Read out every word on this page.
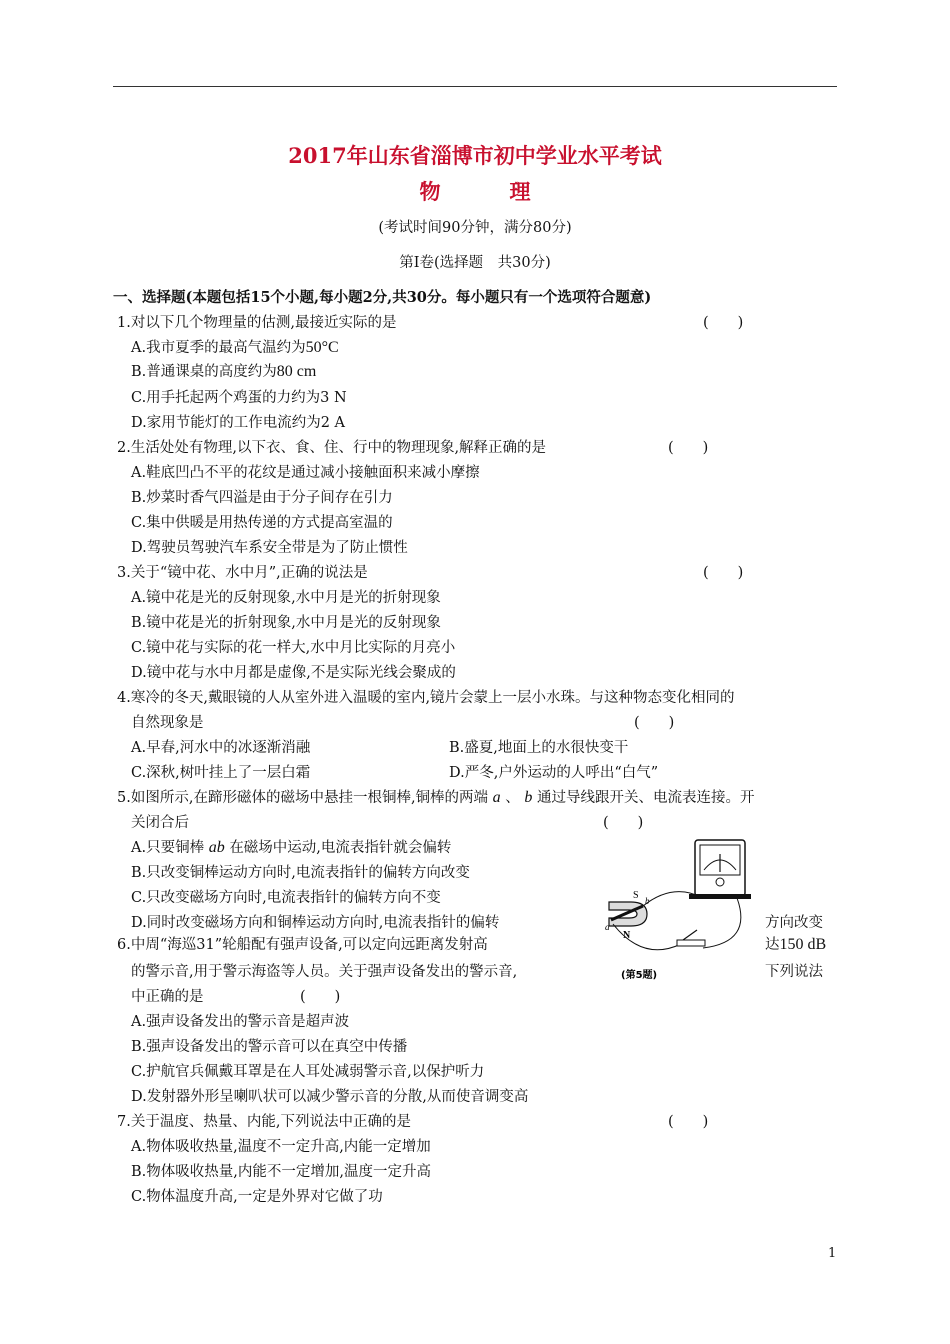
2017年山东省淄博市初中学业水平考试
物　理
(考试时间90分钟，满分80分)
第Ⅰ卷(选择题　共30分)
一、选择题(本题包括15个小题,每小题2分,共30分。每小题只有一个选项符合题意)
1.对以下几个物理量的估测,最接近实际的是	(　　)
A.我市夏季的最高气温约为50°C
B.普通课桌的高度约为80 cm
C.用手托起两个鸡蛋的力约为3 N
D.家用节能灯的工作电流约为2 A
2.生活处处有物理,以下衣、食、住、行中的物理现象,解释正确的是	(　　)
A.鞋底凹凸不平的花纹是通过减小接触面积来减小摩擦
B.炒菜时香气四溢是由于分子间存在引力
C.集中供暖是用热传递的方式提高室温的
D.驾驶员驾驶汽车系安全带是为了防止惯性
3.关于“镜中花、水中月”,正确的说法是	(　　)
A.镜中花是光的反射现象,水中月是光的折射现象
B.镜中花是光的折射现象,水中月是光的反射现象
C.镜中花与实际的花一样大,水中月比实际的月亮小
D.镜中花与水中月都是虚像,不是实际光线会聚成的
4.寒冷的冬天,戴眼镜的人从室外进入温暖的室内,镜片会蒙上一层小水珠。与这种物态变化相同的
自然现象是	(　　)
A.早春,河水中的冰逐渐消融	B.盛夏,地面上的水很快变干
C.深秋,树叶挂上了一层白霜	D.严冬,户外运动的人呼出“白气”
5.如图所示,在蹄形磁体的磁场中悬挂一根铜棒,铜棒的两端 a 、 b 通过导线跟开关、电流表连接。开
关闭合后	(　　)
A.只要铜棒 ab 在磁场中运动,电流表指针就会偏转
B.只改变铜棒运动方向时,电流表指针的偏转方向改变
C.只改变磁场方向时,电流表指针的偏转方向不变
D.同时改变磁场方向和铜棒运动方向时,电流表指针的偏转	方向改变
S
N
a
b
(第5题)
6.中周“海巡31”轮船配有强声设备,可以定向远距离发射高	达150 dB
的警示音,用于警示海盗等人员。关于强声设备发出的警示音,	下列说法
中正确的是	(　　)
A.强声设备发出的警示音是超声波
B.强声设备发出的警示音可以在真空中传播
C.护航官兵佩戴耳罩是在人耳处减弱警示音,以保护听力
D.发射器外形呈喇叭状可以减少警示音的分散,从而使音调变高
7.关于温度、热量、内能,下列说法中正确的是	(　　)
A.物体吸收热量,温度不一定升高,内能一定增加
B.物体吸收热量,内能不一定增加,温度一定升高
C.物体温度升高,一定是外界对它做了功
1
